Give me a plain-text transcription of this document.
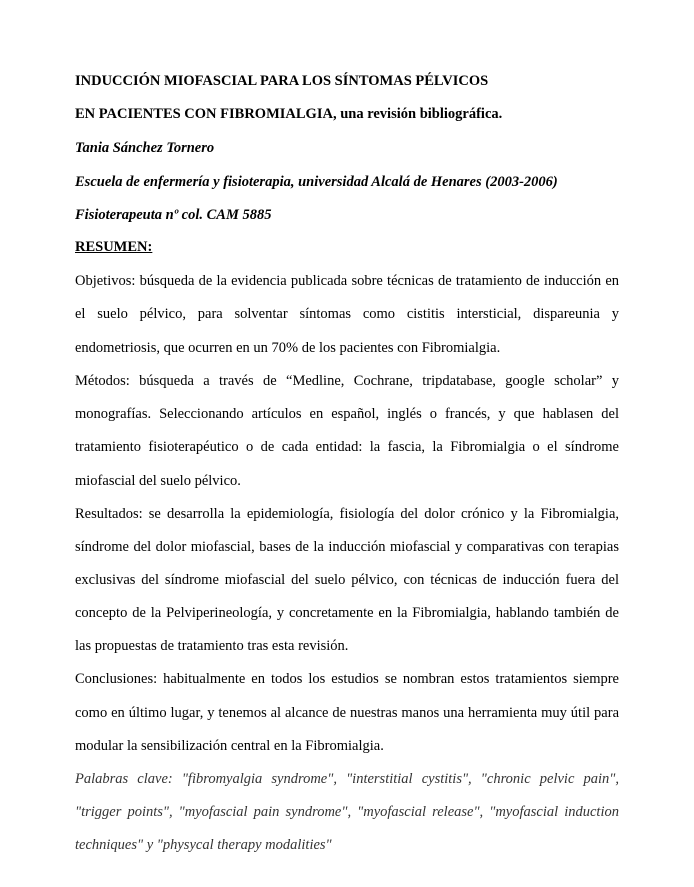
INDUCCIÓN MIOFASCIAL PARA LOS SÍNTOMAS PÉLVICOS
EN PACIENTES CON FIBROMIALGIA, una revisión bibliográfica.
Tania Sánchez Tornero
Escuela de enfermería y fisioterapia, universidad Alcalá de Henares (2003-2006)
Fisioterapeuta nº col. CAM 5885
RESUMEN:
Objetivos: búsqueda de la evidencia publicada sobre técnicas de tratamiento de inducción en
el suelo pélvico, para solventar síntomas como cistitis intersticial, dispareunia y
endometriosis, que ocurren en un 70% de los pacientes con Fibromialgia.
Métodos: búsqueda a través de “Medline, Cochrane, tripdatabase, google scholar” y
monografías. Seleccionando artículos en español, inglés o francés, y que hablasen del
tratamiento fisioterapéutico o de cada entidad: la fascia, la Fibromialgia o el síndrome
miofascial del suelo pélvico.
Resultados: se desarrolla la epidemiología, fisiología del dolor crónico y la Fibromialgia,
síndrome del dolor miofascial, bases de la inducción miofascial y comparativas con terapias
exclusivas del síndrome miofascial del suelo pélvico, con técnicas de inducción fuera del
concepto de la Pelviperineología, y concretamente en la Fibromialgia, hablando también de
las propuestas de tratamiento tras esta revisión.
Conclusiones: habitualmente en todos los estudios se nombran estos tratamientos siempre
como en último lugar, y tenemos al alcance de nuestras manos una herramienta muy útil para
modular la sensibilización central en la Fibromialgia.
Palabras clave: "fibromyalgia syndrome", "interstitial cystitis", "chronic pelvic pain",
"trigger points", "myofascial pain syndrome", "myofascial release", "myofascial induction
techniques" y "physycal therapy modalities"
